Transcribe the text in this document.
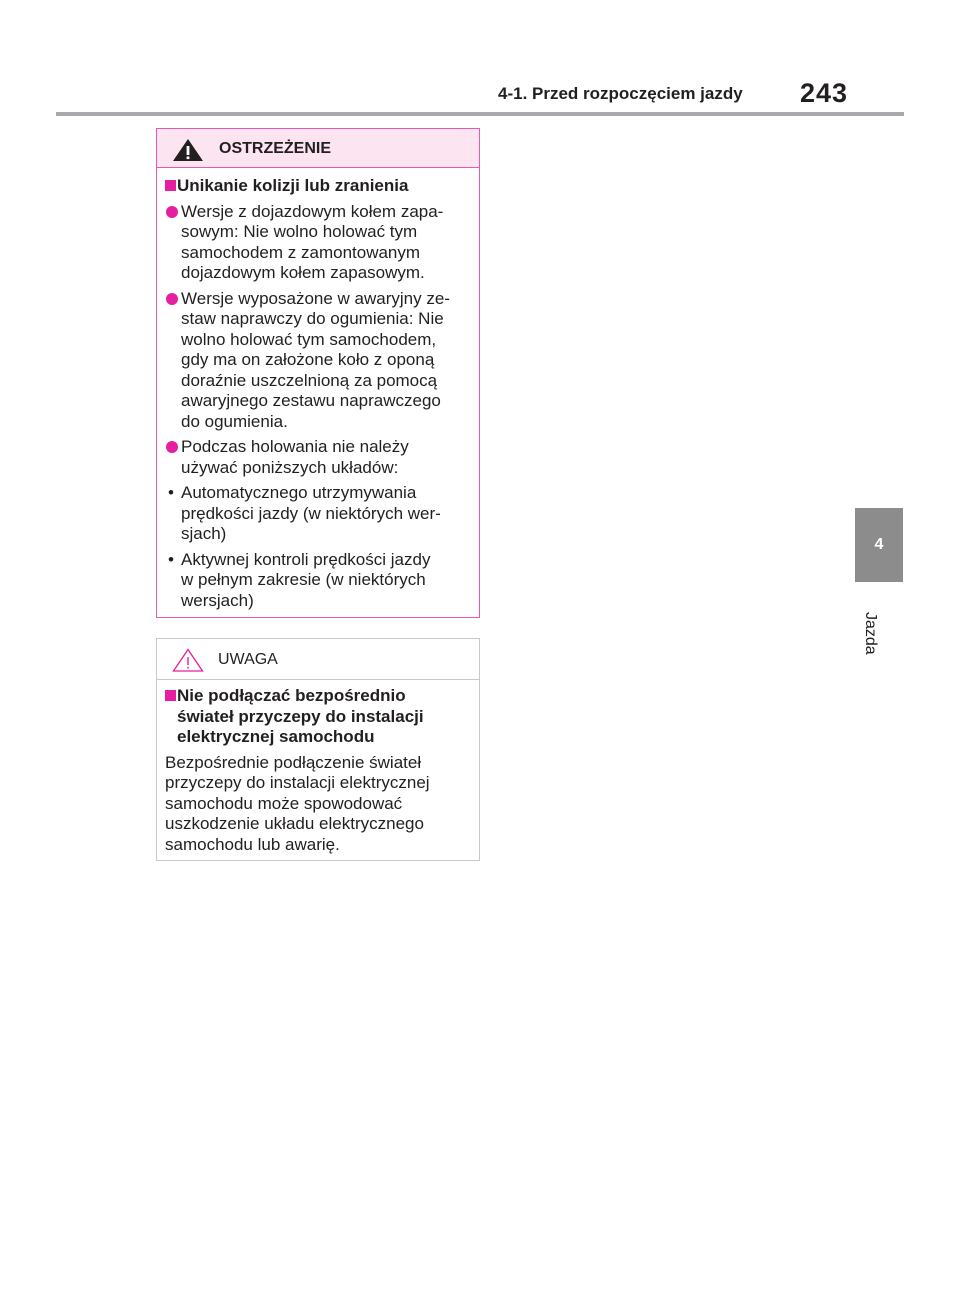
4-1. Przed rozpoczęciem jazdy 243
4
Jazda
OSTRZEŻENIE
Unikanie kolizji lub zranienia
Wersje z dojazdowym kołem zapa-
sowym: Nie wolno holować tym
samochodem z zamontowanym
dojazdowym kołem zapasowym.
Wersje wyposażone w awaryjny ze-
staw naprawczy do ogumienia: Nie
wolno holować tym samochodem,
gdy ma on założone koło z oponą
doraźnie uszczelnioną za pomocą
awaryjnego zestawu naprawczego
do ogumienia.
Podczas holowania nie należy
używać poniższych układów:
• Automatycznego utrzymywania
prędkości jazdy (w niektórych wer-
sjach)
• Aktywnej kontroli prędkości jazdy
w pełnym zakresie (w niektórych
wersjach)
UWAGA
Nie podłączać bezpośrednio
świateł przyczepy do instalacji
elektrycznej samochodu
Bezpośrednie podłączenie świateł
przyczepy do instalacji elektrycznej
samochodu może spowodować
uszkodzenie układu elektrycznego
samochodu lub awarię.
